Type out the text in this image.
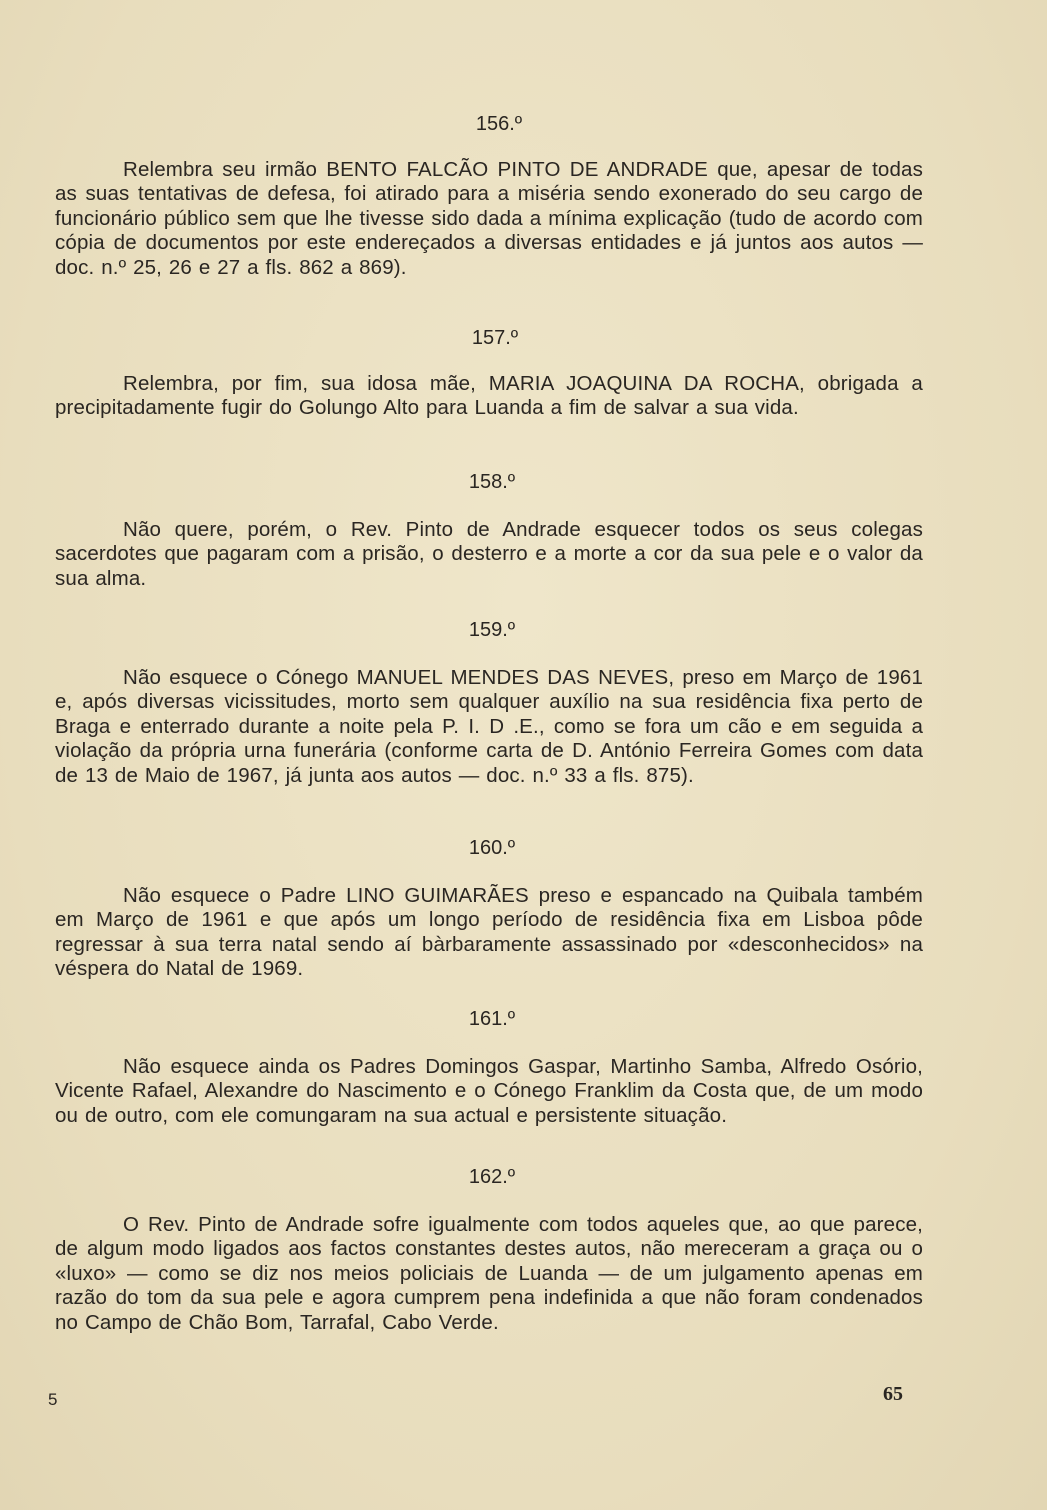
156.º

Relembra seu irmão BENTO FALCÃO PINTO DE ANDRADE que, apesar de todas as suas tentativas de defesa, foi atirado para a miséria sendo exonerado do seu cargo de funcionário público sem que lhe tivesse sido dada a mínima explicação (tudo de acordo com cópia de documentos por este endereçados a diversas entidades e já juntos aos autos — doc. n.º 25, 26 e 27 a fls. 862 a 869).

157.º

Relembra, por fim, sua idosa mãe, MARIA JOAQUINA DA ROCHA, obrigada a precipitadamente fugir do Golungo Alto para Luanda a fim de salvar a sua vida.

158.º

Não quere, porém, o Rev. Pinto de Andrade esquecer todos os seus colegas sacerdotes que pagaram com a prisão, o desterro e a morte a cor da sua pele e o valor da sua alma.

159.º

Não esquece o Cónego MANUEL MENDES DAS NEVES, preso em Março de 1961 e, após diversas vicissitudes, morto sem qualquer auxílio na sua residência fixa perto de Braga e enterrado durante a noite pela P. I. D .E., como se fora um cão e em seguida a violação da própria urna funerária (conforme carta de D. António Ferreira Gomes com data de 13 de Maio de 1967, já junta aos autos — doc. n.º 33 a fls. 875).

160.º

Não esquece o Padre LINO GUIMARÃES preso e espancado na Quibala também em Março de 1961 e que após um longo período de residência fixa em Lisboa pôde regressar à sua terra natal sendo aí bàrbaramente assassinado por «desconhecidos» na véspera do Natal de 1969.

161.º

Não esquece ainda os Padres Domingos Gaspar, Martinho Samba, Alfredo Osório, Vicente Rafael, Alexandre do Nascimento e o Cónego Franklim da Costa que, de um modo ou de outro, com ele comungaram na sua actual e persistente situação.

162.º

O Rev. Pinto de Andrade sofre igualmente com todos aqueles que, ao que parece, de algum modo ligados aos factos constantes destes autos, não mereceram a graça ou o «luxo» — como se diz nos meios policiais de Luanda — de um julgamento apenas em razão do tom da sua pele e agora cumprem pena indefinida a que não foram condenados no Campo de Chão Bom, Tarrafal, Cabo Verde.

5	65
